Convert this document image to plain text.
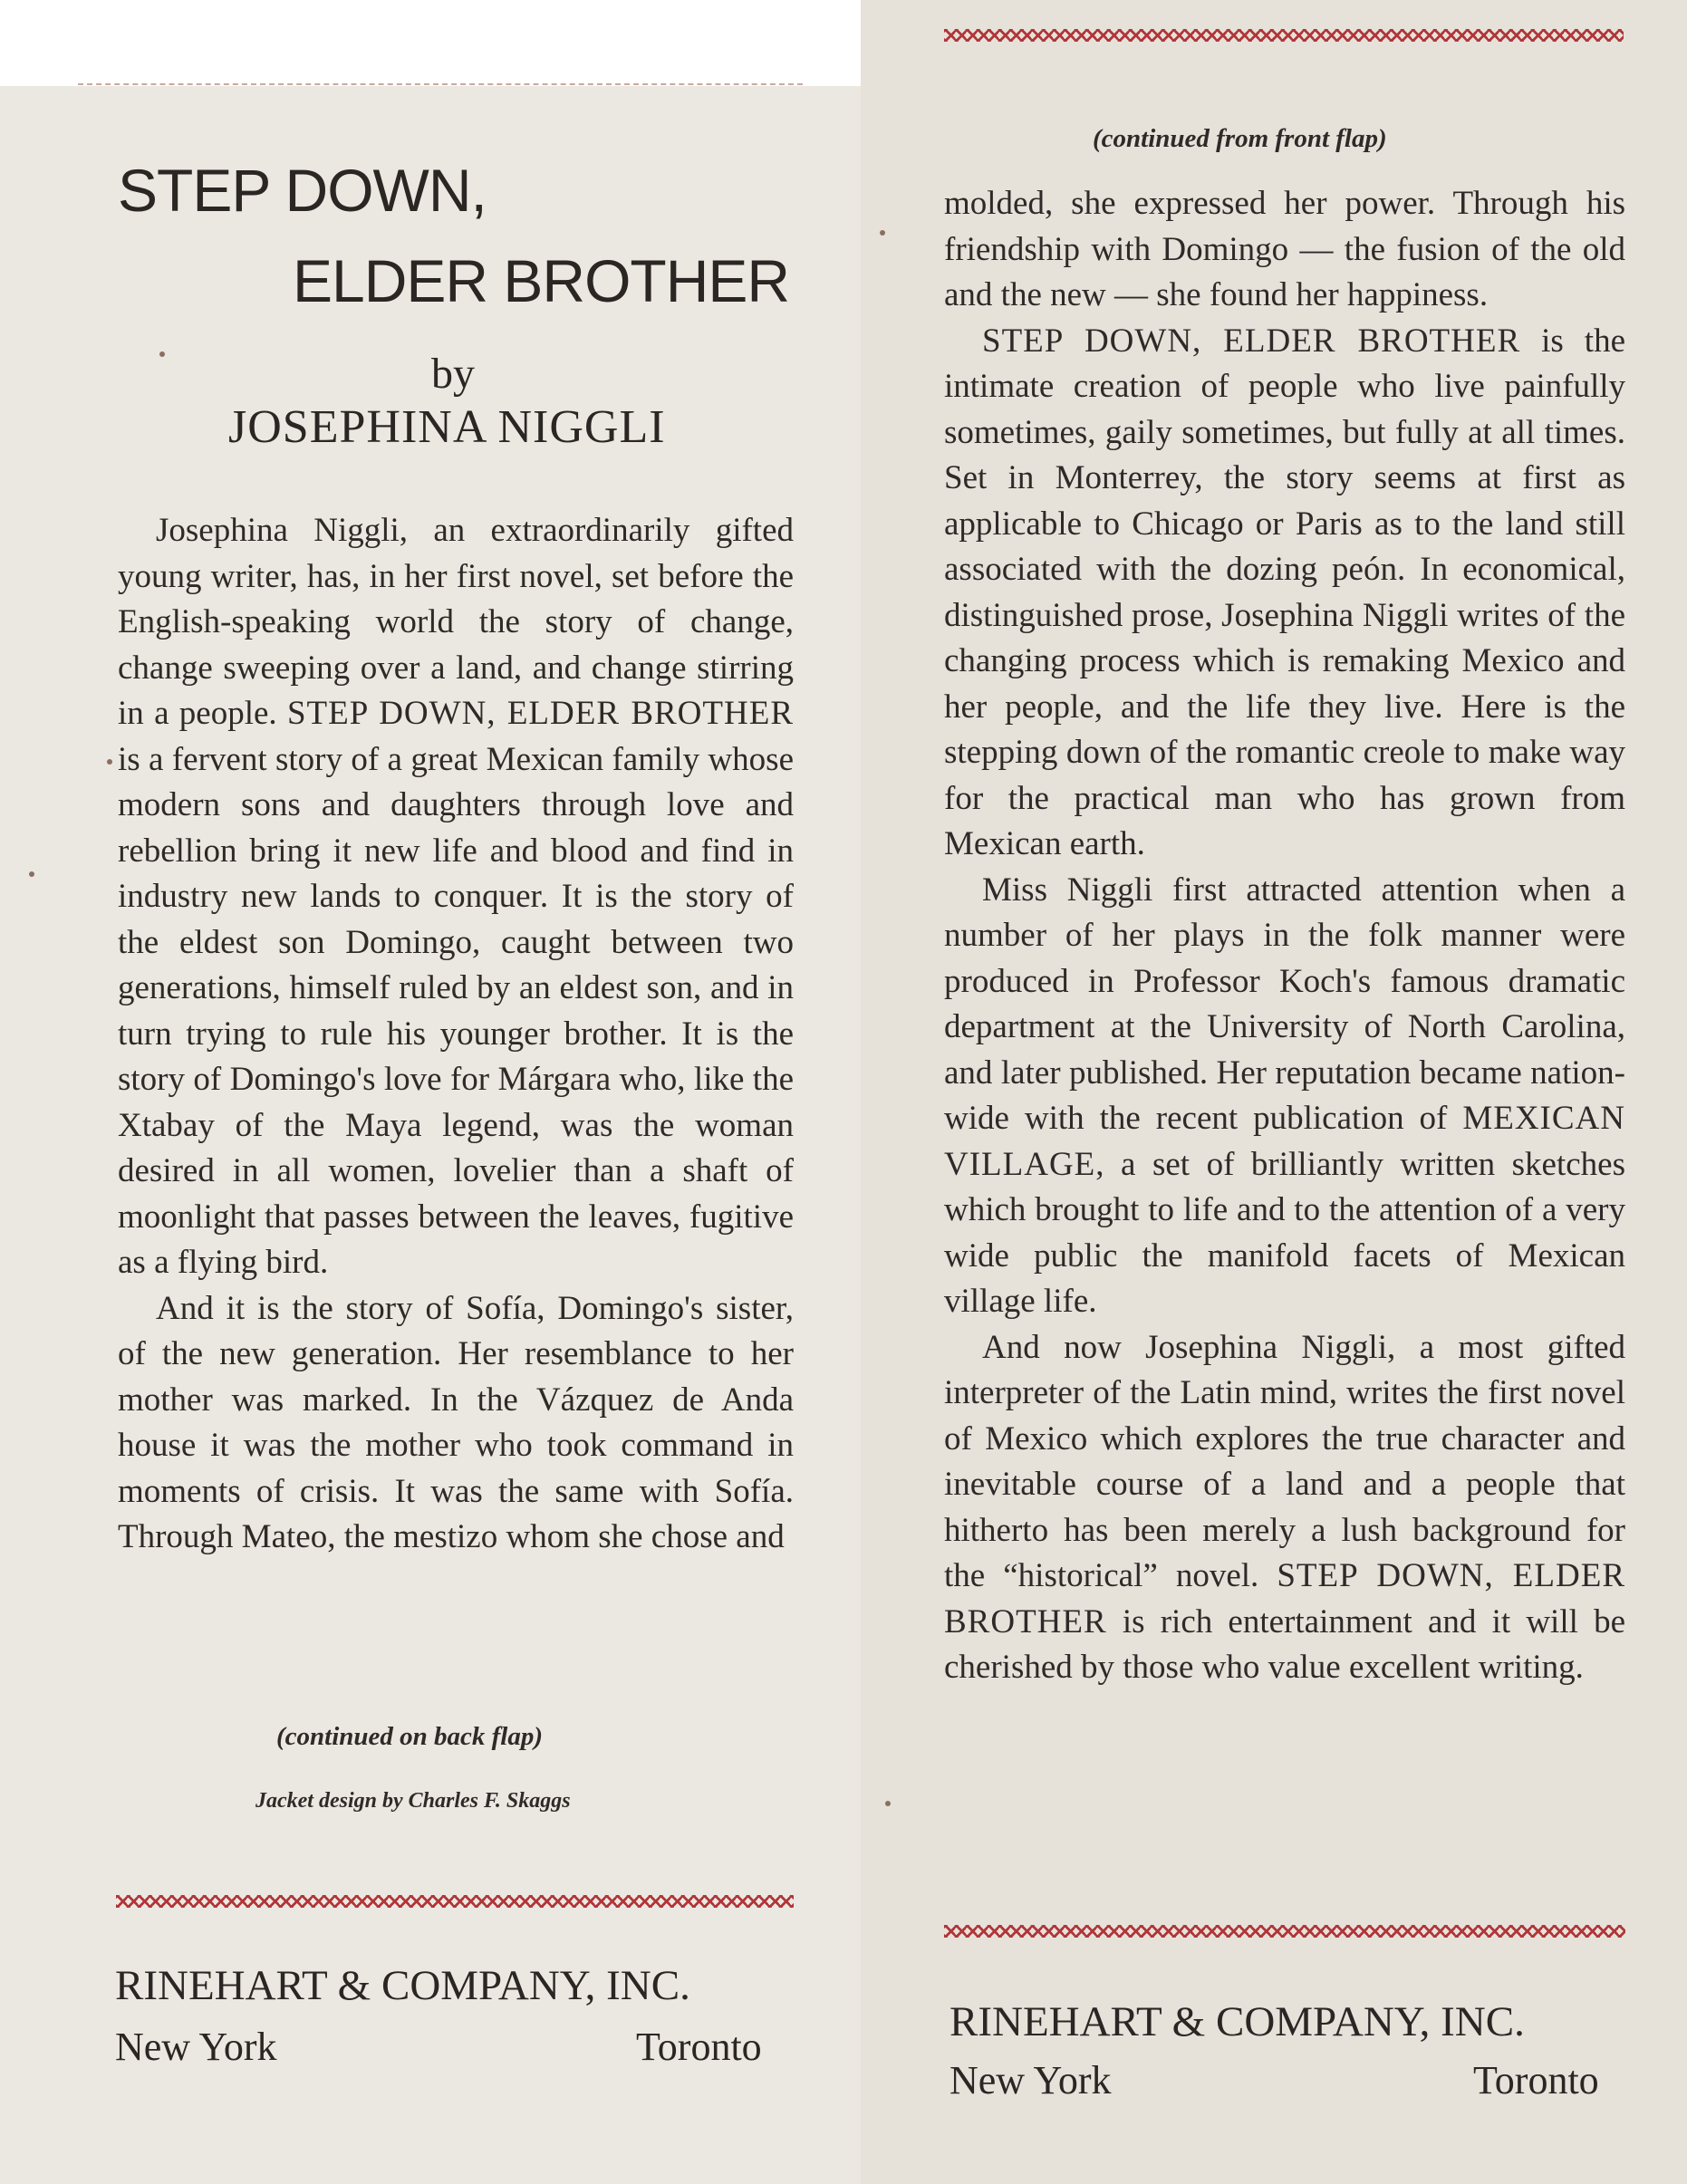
STEP DOWN,
ELDER BROTHER
by
JOSEPHINA NIGGLI

Josephina Niggli, an extraordinarily gifted young writer, has, in her first novel, set before the English-speaking world the story of change, change sweeping over a land, and change stirring in a people. STEP DOWN, ELDER BROTHER is a fervent story of a great Mexican family whose modern sons and daughters through love and rebellion bring it new life and blood and find in industry new lands to conquer. It is the story of the eldest son Domingo, caught between two generations, himself ruled by an eldest son, and in turn trying to rule his younger brother. It is the story of Domingo's love for Márgara who, like the Xtabay of the Maya legend, was the woman desired in all women, lovelier than a shaft of moonlight that passes between the leaves, fugitive as a flying bird.

And it is the story of Sofía, Domingo's sister, of the new generation. Her resemblance to her mother was marked. In the Vázquez de Anda house it was the mother who took command in moments of crisis. It was the same with Sofía. Through Mateo, the mestizo whom she chose and

(continued on back flap)
Jacket design by Charles F. Skaggs
RINEHART & COMPANY, INC.
New York	Toronto
(continued from front flap)

molded, she expressed her power. Through his friendship with Domingo — the fusion of the old and the new — she found her happiness.

STEP DOWN, ELDER BROTHER is the intimate creation of people who live painfully sometimes, gaily sometimes, but fully at all times. Set in Monterrey, the story seems at first as applicable to Chicago or Paris as to the land still associated with the dozing peón. In economical, distinguished prose, Josephina Niggli writes of the changing process which is remaking Mexico and her people, and the life they live. Here is the stepping down of the romantic creole to make way for the practical man who has grown from Mexican earth.

Miss Niggli first attracted attention when a number of her plays in the folk manner were produced in Professor Koch's famous dramatic department at the University of North Carolina, and later published. Her reputation became nation-wide with the recent publication of MEXICAN VILLAGE, a set of brilliantly written sketches which brought to life and to the attention of a very wide public the manifold facets of Mexican village life.

And now Josephina Niggli, a most gifted interpreter of the Latin mind, writes the first novel of Mexico which explores the true character and inevitable course of a land and a people that hitherto has been merely a lush background for the “historical” novel. STEP DOWN, ELDER BROTHER is rich entertainment and it will be cherished by those who value excellent writing.

RINEHART & COMPANY, INC.
New York	Toronto
